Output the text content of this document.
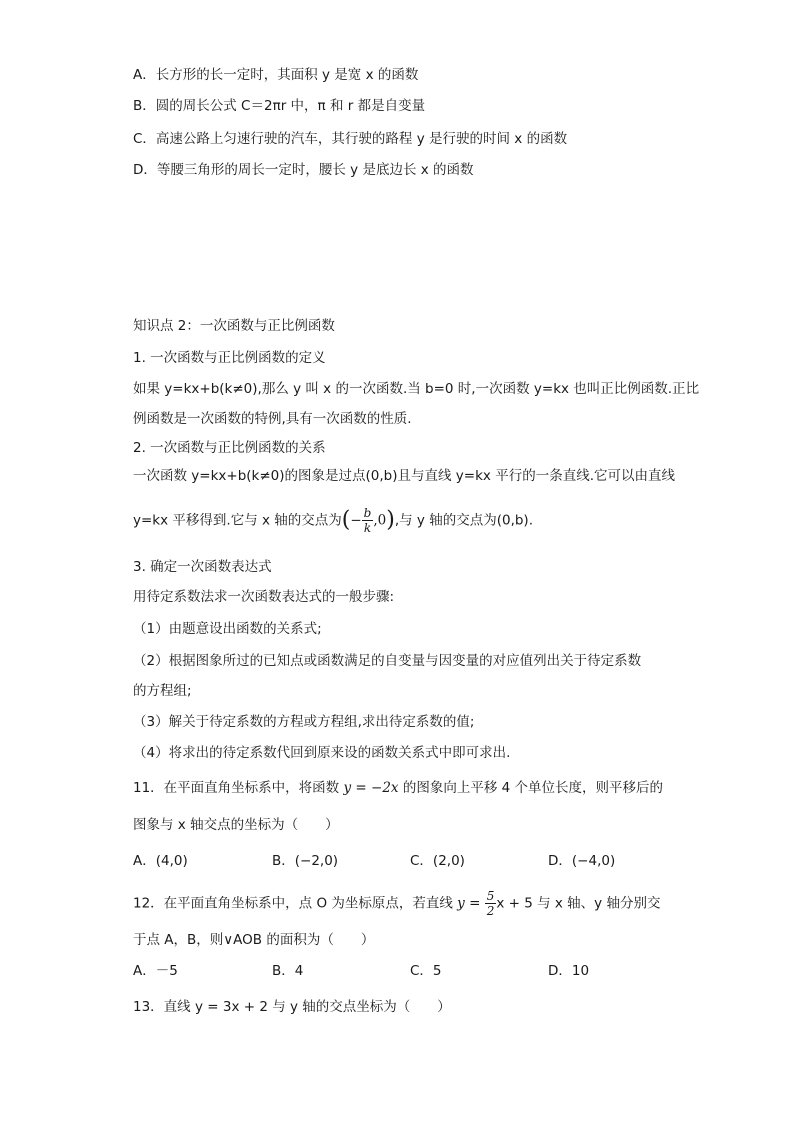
A．长方形的长一定时，其面积 y 是宽 x 的函数
B．圆的周长公式 C＝2πr 中，π 和 r 都是自变量
C．高速公路上匀速行驶的汽车，其行驶的路程 y 是行驶的时间 x 的函数
D．等腰三角形的周长一定时，腰长 y 是底边长 x 的函数
知识点 2：一次函数与正比例函数
1. 一次函数与正比例函数的定义
如果 y=kx+b(k≠0),那么 y 叫 x 的一次函数.当 b=0 时,一次函数 y=kx 也叫正比例函数.正比
例函数是一次函数的特例,具有一次函数的性质.
2. 一次函数与正比例函数的关系
一次函数 y=kx+b(k≠0)的图象是过点(0,b)且与直线 y=kx 平行的一条直线.它可以由直线
y=kx 平移得到.它与 x 轴的交点为(− $\frac{b}{k} ,0$),与 y 轴的交点为(0,b).
3. 确定一次函数表达式
用待定系数法求一次函数表达式的一般步骤:
（1）由题意设出函数的关系式;
（2）根据图象所过的已知点或函数满足的自变量与因变量的对应值列出关于待定系数
的方程组;
（3）解关于待定系数的方程或方程组,求出待定系数的值;
（4）将求出的待定系数代回到原来设的函数关系式中即可求出.
11．在平面直角坐标系中，将函数 y = −2x 的图象向上平移 4 个单位长度，则平移后的
图象与 x 轴交点的坐标为（　　）
A．(4,0)	B．(−2,0)	C．(2,0)	D．(−4,0)
12．在平面直角坐标系中，点 O 为坐标原点，若直线 $y = \frac{5}{2}$ x + 5 与 x 轴、y 轴分别交
于点 A，B，则∨AOB 的面积为（　　）
A．－5	B．4	C．5	D．10
13．直线 y = 3x + 2 与 y 轴的交点坐标为（　　）
